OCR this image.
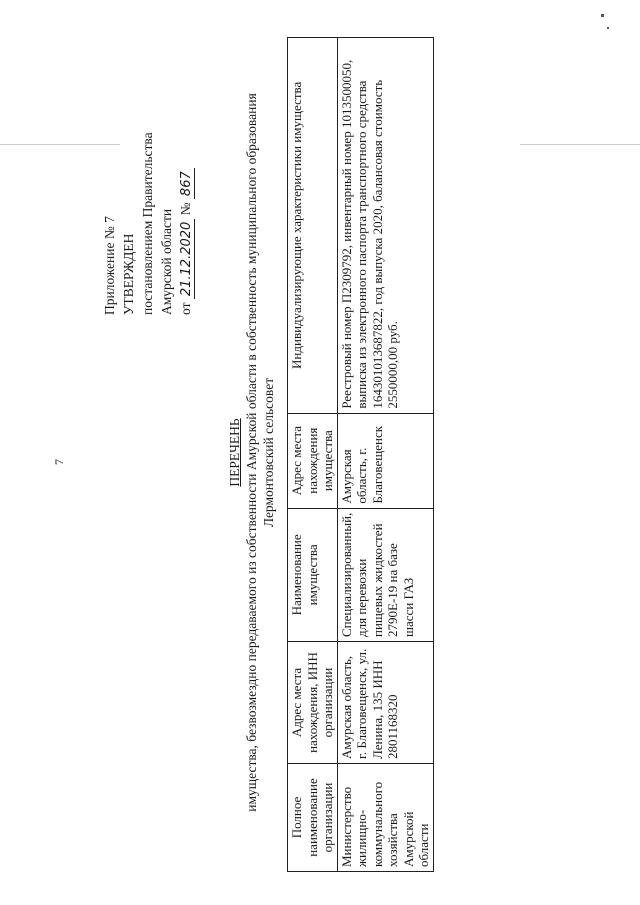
7
Приложение № 7 УТВЕРЖДЕН постановлением Правительства Амурской области от 21.12.2020 № 867
ПЕРЕЧЕНЬ имущества, безвозмездно передаваемого из собственности Амурской области в собственность муниципального образования Лермонтовский сельсовет
Полное наименование организации	Адрес места нахождения, ИНН организации	Наименование имущества	Адрес места нахождения имущества	Индивидуализирующие характеристики имущества
Министерство жилищно-коммунального хозяйства Амурской области	Амурская область, г. Благовещенск, ул. Ленина, 135 ИНН 2801168320	Специализированный, для перевозки пищевых жидкостей 2790Е-19 на базе шасси ГАЗ	Амурская область, г. Благовещенск	Реестровый номер П2309792, инвентарный номер 1013500050, выписка из электронного паспорта транспортного средства 164301013687822, год выпуска 2020, балансовая стоимость 2550000,00 руб.
